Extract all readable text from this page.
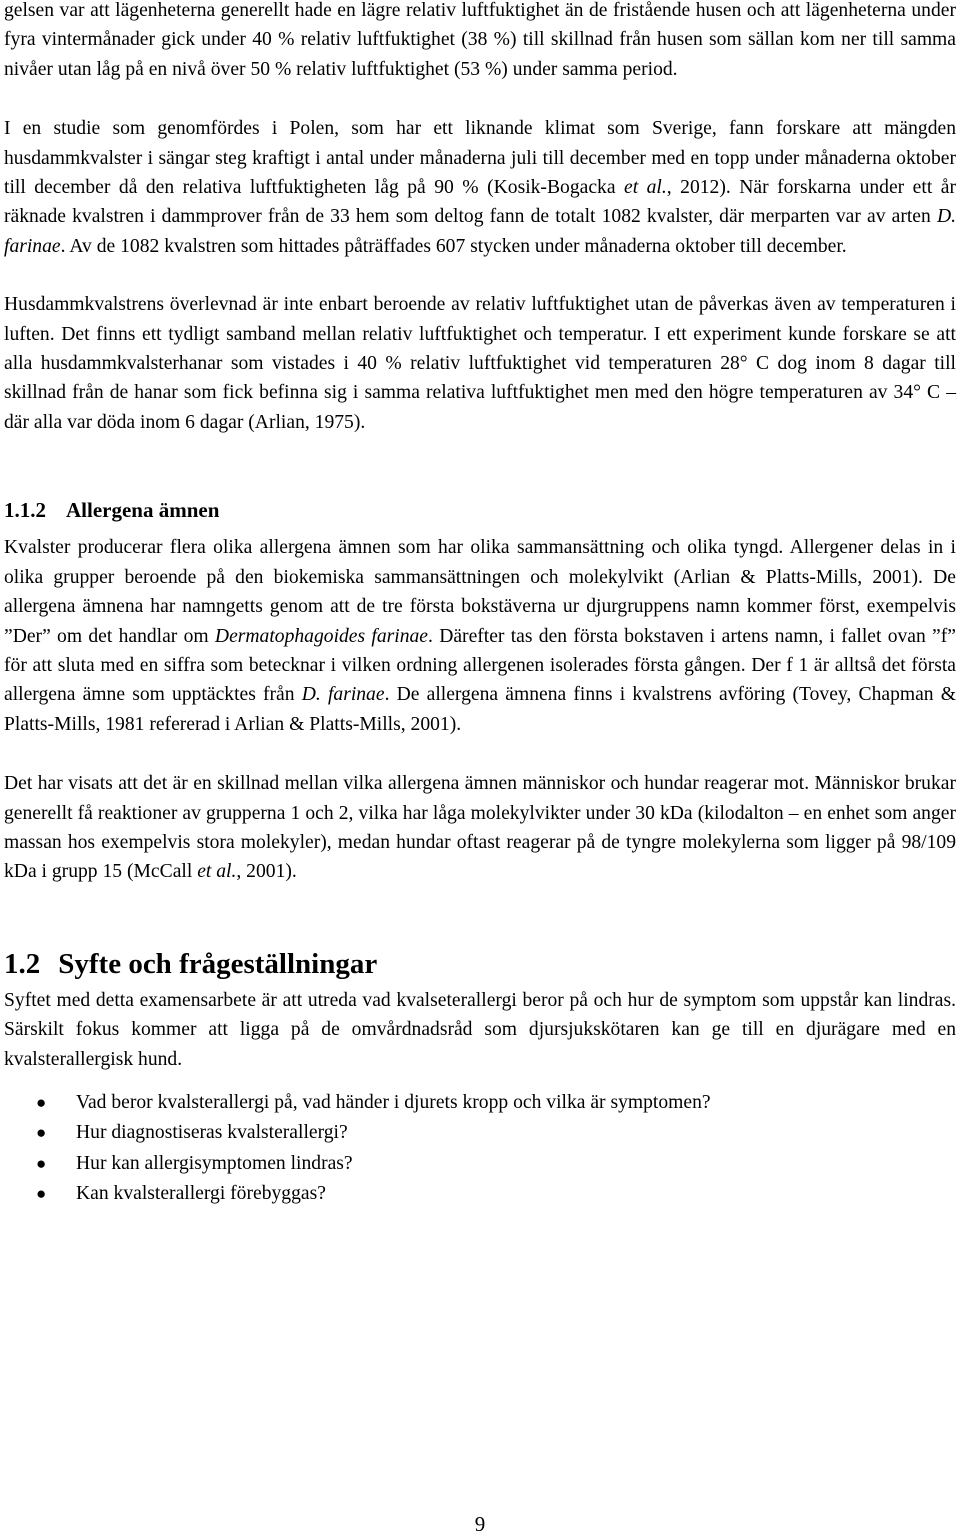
gelsen var att lägenheterna generellt hade en lägre relativ luftfuktighet än de fristående husen och att lägenheterna under fyra vintermånader gick under 40 % relativ luftfuktighet (38 %) till skillnad från husen som sällan kom ner till samma nivåer utan låg på en nivå över 50 % relativ luftfuktighet (53 %) under samma period.

I en studie som genomfördes i Polen, som har ett liknande klimat som Sverige, fann forskare att mängden husdammkvalster i sängar steg kraftigt i antal under månaderna juli till december med en topp under månaderna oktober till december då den relativa luftfuktigheten låg på 90 % (Kosik-Bogacka et al., 2012). När forskarna under ett år räknade kvalstren i dammprover från de 33 hem som deltog fann de totalt 1082 kvalster, där merparten var av arten D. farinae. Av de 1082 kvalstren som hittades påträffades 607 stycken under månaderna oktober till december.

Husdammkvalstrens överlevnad är inte enbart beroende av relativ luftfuktighet utan de påverkas även av temperaturen i luften. Det finns ett tydligt samband mellan relativ luftfuktighet och temperatur. I ett experiment kunde forskare se att alla husdammkvalsterhanar som vistades i 40 % relativ luftfuktighet vid temperaturen 28° C dog inom 8 dagar till skillnad från de hanar som fick befinna sig i samma relativa luftfuktighet men med den högre temperaturen av 34° C – där alla var döda inom 6 dagar (Arlian, 1975).

1.1.2 Allergena ämnen

Kvalster producerar flera olika allergena ämnen som har olika sammansättning och olika tyngd. Allergener delas in i olika grupper beroende på den biokemiska sammansättningen och molekylvikt (Arlian & Platts-Mills, 2001). De allergena ämnena har namngetts genom att de tre första bokstäverna ur djurgruppens namn kommer först, exempelvis ”Der” om det handlar om Dermatophagoides farinae. Därefter tas den första bokstaven i artens namn, i fallet ovan ”f” för att sluta med en siffra som betecknar i vilken ordning allergenen isolerades första gången. Der f 1 är alltså det första allergena ämne som upptäcktes från D. farinae. De allergena ämnena finns i kvalstrens avföring (Tovey, Chapman & Platts-Mills, 1981 refererad i Arlian & Platts-Mills, 2001).

Det har visats att det är en skillnad mellan vilka allergena ämnen människor och hundar reagerar mot. Människor brukar generellt få reaktioner av grupperna 1 och 2, vilka har låga molekylvikter under 30 kDa (kilodalton – en enhet som anger massan hos exempelvis stora molekyler), medan hundar oftast reagerar på de tyngre molekylerna som ligger på 98/109 kDa i grupp 15 (McCall et al., 2001).

1.2 Syfte och frågeställningar

Syftet med detta examensarbete är att utreda vad kvalseterallergi beror på och hur de symptom som uppstår kan lindras. Särskilt fokus kommer att ligga på de omvårdnadsråd som djursjukskötaren kan ge till en djurägare med en kvalsterallergisk hund.

●	Vad beror kvalsterallergi på, vad händer i djurets kropp och vilka är symptomen?
●	Hur diagnostiseras kvalsterallergi?
●	Hur kan allergisymptomen lindras?
●	Kan kvalsterallergi förebyggas?
9
